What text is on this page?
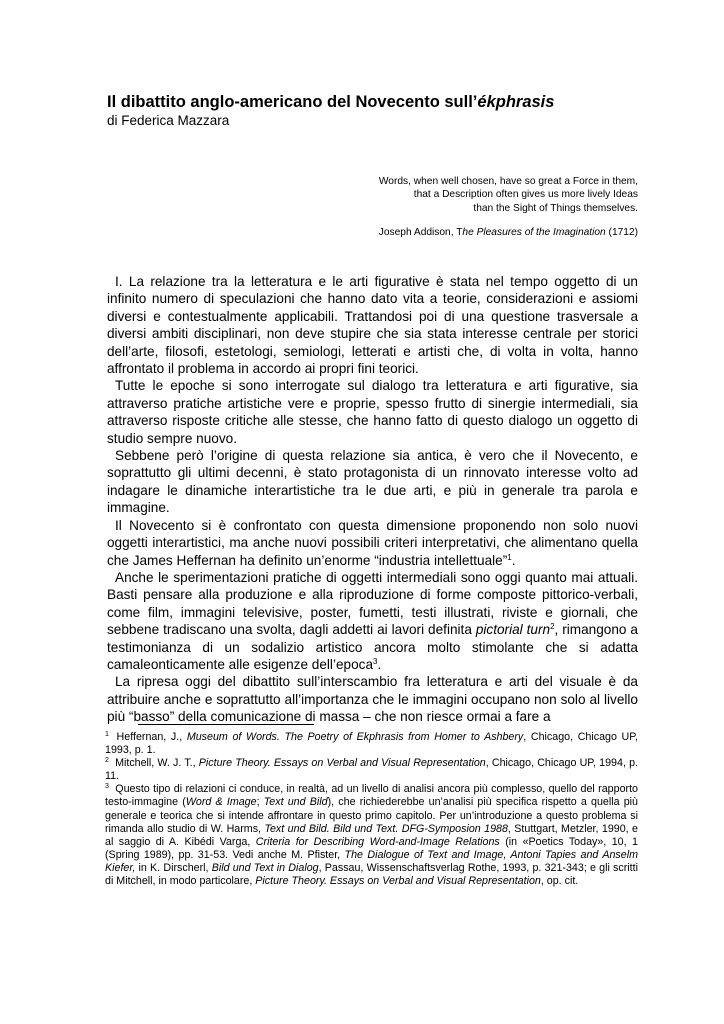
Il dibattito anglo-americano del Novecento sull’ékphrasis
di Federica Mazzara
Words, when well chosen, have so great a Force in them,
that a Description often gives us more lively Ideas
than the Sight of Things themselves.
Joseph Addison, The Pleasures of the Imagination (1712)

I. La relazione tra la letteratura e le arti figurative è stata nel tempo oggetto di un infinito numero di speculazioni che hanno dato vita a teorie, considerazioni e assiomi diversi e contestualmente applicabili. Trattandosi poi di una questione trasversale a diversi ambiti disciplinari, non deve stupire che sia stata interesse centrale per storici dell’arte, filosofi, estetologi, semiologi, letterati e artisti che, di volta in volta, hanno affrontato il problema in accordo ai propri fini teorici.

Tutte le epoche si sono interrogate sul dialogo tra letteratura e arti figurative, sia attraverso pratiche artistiche vere e proprie, spesso frutto di sinergie intermediali, sia attraverso risposte critiche alle stesse, che hanno fatto di questo dialogo un oggetto di studio sempre nuovo.

Sebbene però l’origine di questa relazione sia antica, è vero che il Novecento, e soprattutto gli ultimi decenni, è stato protagonista di un rinnovato interesse volto ad indagare le dinamiche interartistiche tra le due arti, e più in generale tra parola e immagine.

Il Novecento si è confrontato con questa dimensione proponendo non solo nuovi oggetti interartistici, ma anche nuovi possibili criteri interpretativi, che alimentano quella che James Heffernan ha definito un’enorme “industria intellettuale”$^1$.

Anche le sperimentazioni pratiche di oggetti intermediali sono oggi quanto mai attuali. Basti pensare alla produzione e alla riproduzione di forme composte pittorico-verbali, come film, immagini televisive, poster, fumetti, testi illustrati, riviste e giornali, che sebbene tradiscano una svolta, dagli addetti ai lavori definita pictorial turn$^2$, rimangono a testimonianza di un sodalizio artistico ancora molto stimolante che si adatta camaleonticamente alle esigenze dell’epoca$^3$.

La ripresa oggi del dibattito sull’interscambio fra letteratura e arti del visuale è da attribuire anche e soprattutto all’importanza che le immagini occupano non solo al livello più “basso” della comunicazione di massa – che non riesce ormai a fare a

$^1$ Heffernan, J., Museum of Words. The Poetry of Ekphrasis from Homer to Ashbery, Chicago, Chicago UP, 1993, p. 1.

$^2$ Mitchell, W. J. T., Picture Theory. Essays on Verbal and Visual Representation, Chicago, Chicago UP, 1994, p. 11.

$^3$ Questo tipo di relazioni ci conduce, in realtà, ad un livello di analisi ancora più complesso, quello del rapporto testo-immagine (Word & Image; Text und Bild), che richiederebbe un’analisi più specifica rispetto a quella più generale e teorica che si intende affrontare in questo primo capitolo. Per un’introduzione a questo problema si rimanda allo studio di W. Harms, Text und Bild. Bild und Text. DFG-Symposion 1988, Stuttgart, Metzler, 1990, e al saggio di A. Kibédi Varga, Criteria for Describing Word-and-Image Relations (in «Poetics Today», 10, 1 (Spring 1989), pp. 31-53. Vedi anche M. Pfister, The Dialogue of Text and Image, Antoni Tapies and Anselm Kiefer, in K. Dirscherl, Bild und Text in Dialog, Passau, Wissenschaftsverlag Rothe, 1993, p. 321-343; e gli scritti di Mitchell, in modo particolare, Picture Theory. Essays on Verbal and Visual Representation, op. cit.
